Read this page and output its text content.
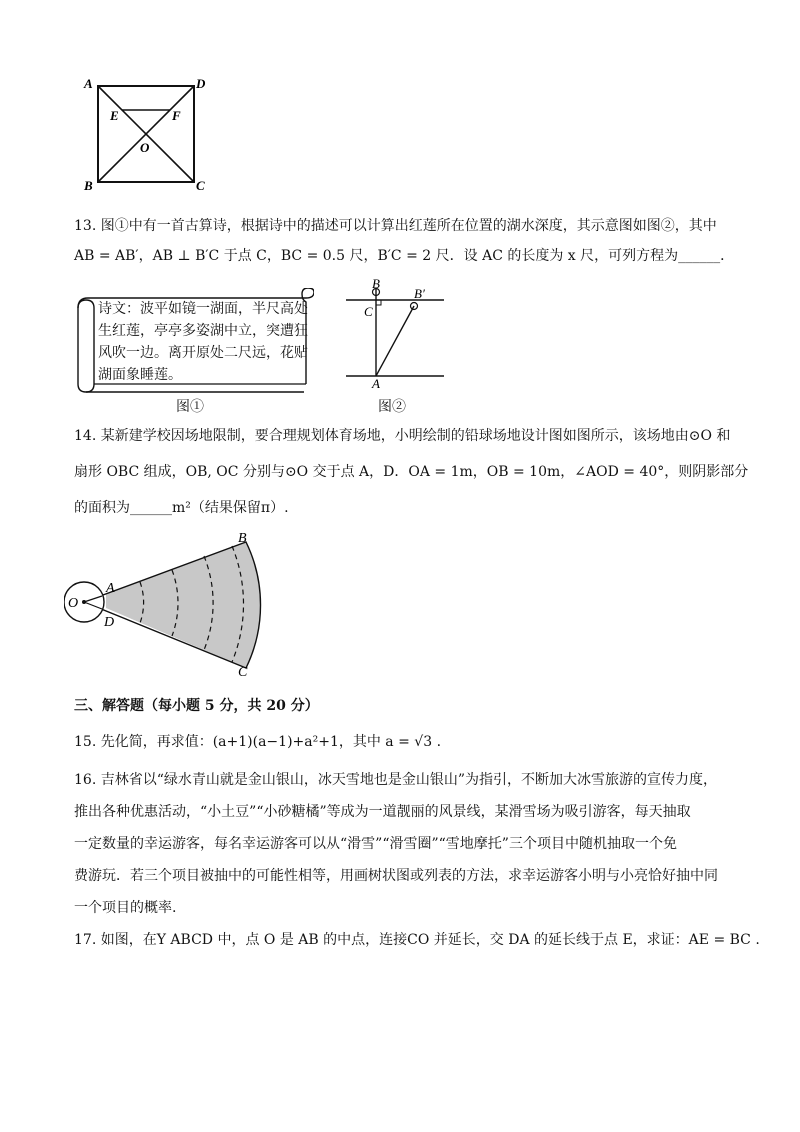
A	D
E	F
O
B	C
13. 图①中有一首古算诗，根据诗中的描述可以计算出红莲所在位置的湖水深度，其示意图如图②，其中
AB = AB′，AB ⊥ B′C 于点 C，BC = 0.5 尺，B′C = 2 尺．设 AC 的长度为 x 尺，可列方程为______．
诗文：波平如镜一湖面，半尺高处生红莲，亭亭多姿湖中立，突遭狂风吹一边。离开原处二尺远，花贴湖面象睡莲。
图①
B
B′
C
A
图②
14. 某新建学校因场地限制，要合理规划体育场地，小明绘制的铅球场地设计图如图所示，该场地由⊙O 和
扇形 OBC 组成，OB, OC 分别与⊙O 交于点 A，D．OA = 1m，OB = 10m，∠AOD = 40°，则阴影部分
的面积为______m²（结果保留π）.
B
A
O
D
C
三、解答题（每小题 5 分，共 20 分）
15. 先化简，再求值：(a+1)(a−1)+a²+1，其中 a = √3 .
16. 吉林省以“绿水青山就是金山银山，冰天雪地也是金山银山”为指引，不断加大冰雪旅游的宣传力度，
推出各种优惠活动，“小土豆”“小砂糖橘”等成为一道靓丽的风景线，某滑雪场为吸引游客，每天抽取
一定数量的幸运游客，每名幸运游客可以从“滑雪”“滑雪圈”“雪地摩托”三个项目中随机抽取一个免
费游玩．若三个项目被抽中的可能性相等，用画树状图或列表的方法，求幸运游客小明与小亮恰好抽中同
一个项目的概率.
17. 如图，在Y ABCD 中，点 O 是 AB 的中点，连接CO 并延长，交 DA 的延长线于点 E，求证：AE = BC .
